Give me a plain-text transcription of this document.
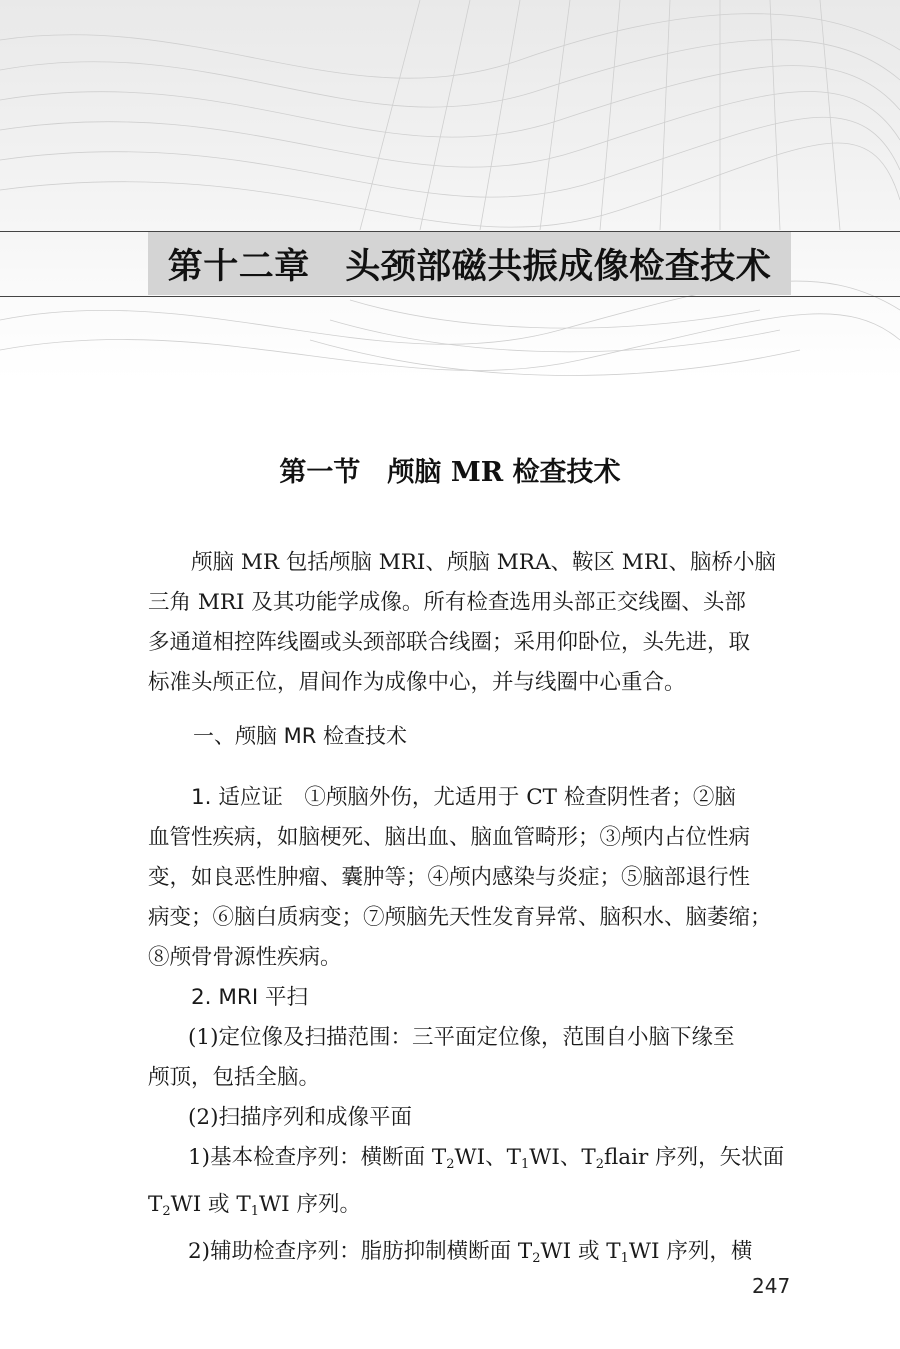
第十二章　头颈部磁共振成像检查技术
第一节　颅脑 MR 检查技术
颅脑 MR 包括颅脑 MRI、颅脑 MRA、鞍区 MRI、脑桥小脑
三角 MRI 及其功能学成像。所有检查选用头部正交线圈、头部
多通道相控阵线圈或头颈部联合线圈；采用仰卧位，头先进，取
标准头颅正位，眉间作为成像中心，并与线圈中心重合。
一、颅脑 MR 检查技术
1. 适应证　 ①颅脑外伤，尤适用于 CT 检查阴性者；②脑
血管性疾病，如脑梗死、脑出血、脑血管畸形；③颅内占位性病
变，如良恶性肿瘤、囊肿等；④颅内感染与炎症；⑤脑部退行性
病变；⑥脑白质病变；⑦颅脑先天性发育异常、脑积水、脑萎缩；
⑧颅骨骨源性疾病。
2. MRI 平扫
(1)定位像及扫描范围：三平面定位像，范围自小脑下缘至
颅顶，包括全脑。
(2)扫描序列和成像平面
1)基本检查序列：横断面 $T_2WI$、$T_1WI$、$T_2flair$ 序列，矢状面
$T_2WI$ 或 $T_1WI$ 序列。
2)辅助检查序列：脂肪抑制横断面 $T_2WI$ 或 $T_1WI$ 序列，横
247
